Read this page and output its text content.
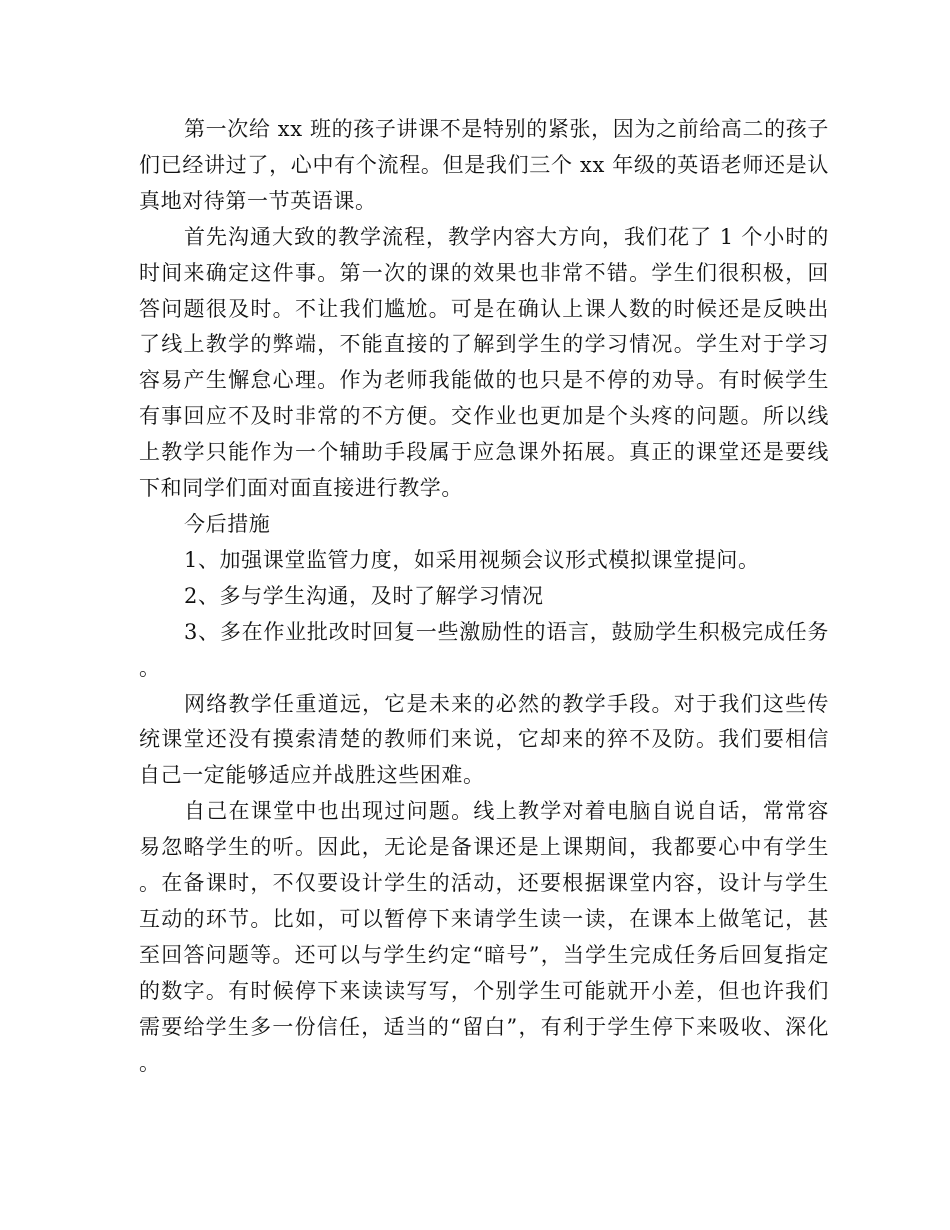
第一次给 xx 班的孩子讲课不是特别的紧张，因为之前给高二的孩子们已经讲过了，心中有个流程。但是我们三个 xx 年级的英语老师还是认真地对待第一节英语课。

首先沟通大致的教学流程，教学内容大方向，我们花了 1 个小时的时间来确定这件事。第一次的课的效果也非常不错。学生们很积极，回答问题很及时。不让我们尴尬。可是在确认上课人数的时候还是反映出了线上教学的弊端，不能直接的了解到学生的学习情况。学生对于学习容易产生懈怠心理。作为老师我能做的也只是不停的劝导。有时候学生有事回应不及时非常的不方便。交作业也更加是个头疼的问题。所以线上教学只能作为一个辅助手段属于应急课外拓展。真正的课堂还是要线下和同学们面对面直接进行教学。

今后措施

1、加强课堂监管力度，如采用视频会议形式模拟课堂提问。

2、多与学生沟通，及时了解学习情况

3、多在作业批改时回复一些激励性的语言，鼓励学生积极完成任务。

网络教学任重道远，它是未来的必然的教学手段。对于我们这些传统课堂还没有摸索清楚的教师们来说，它却来的猝不及防。我们要相信自己一定能够适应并战胜这些困难。

自己在课堂中也出现过问题。线上教学对着电脑自说自话，常常容易忽略学生的听。因此，无论是备课还是上课期间，我都要心中有学生。在备课时，不仅要设计学生的活动，还要根据课堂内容，设计与学生互动的环节。比如，可以暂停下来请学生读一读，在课本上做笔记，甚至回答问题等。还可以与学生约定“暗号”，当学生完成任务后回复指定的数字。有时候停下来读读写写，个别学生可能就开小差，但也许我们需要给学生多一份信任，适当的“留白”，有利于学生停下来吸收、深化。
